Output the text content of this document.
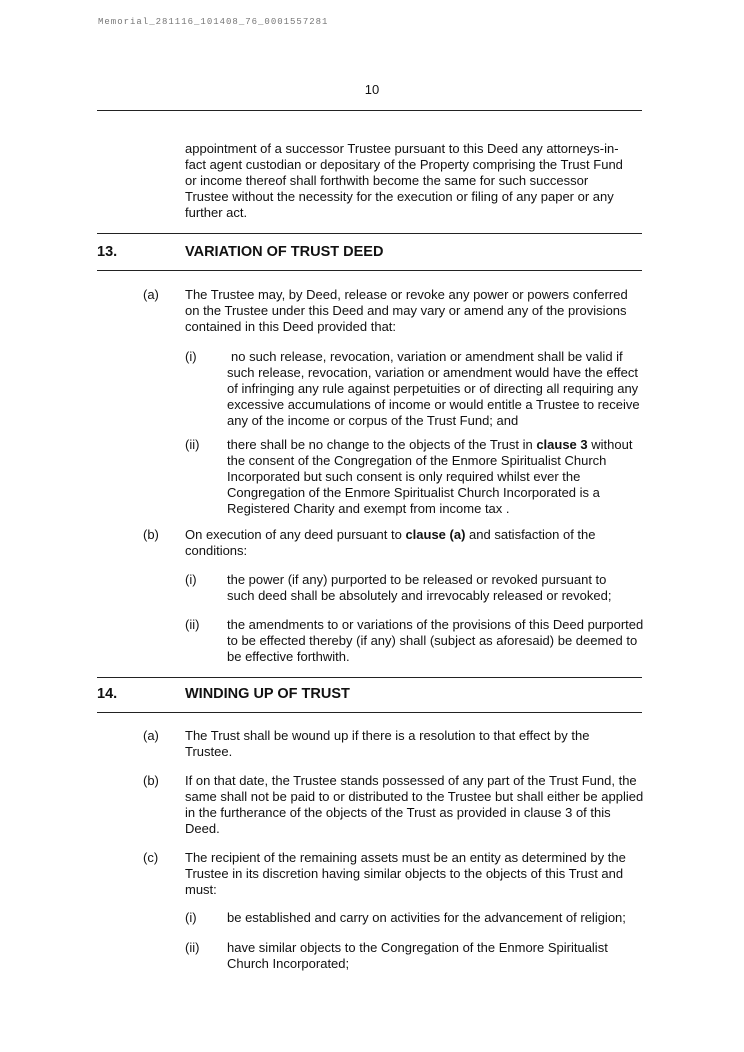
Memorial_281116_101408_76_0001557281
10

appointment of a successor Trustee pursuant to this Deed any attorneys-in-fact agent custodian or depositary of the Property comprising the Trust Fund or income thereof shall forthwith become the same for such successor Trustee without the necessity for the execution or filing of any paper or any further act.

13.	VARIATION OF TRUST DEED
(a) The Trustee may, by Deed, release or revoke any power or powers conferred on the Trustee under this Deed and may vary or amend any of the provisions contained in this Deed provided that:

(i)	no such release, revocation, variation or amendment shall be valid if such release, revocation, variation or amendment would have the effect of infringing any rule against perpetuities or of directing all requiring any excessive accumulations of income or would entitle a Trustee to receive any of the income or corpus of the Trust Fund; and

(ii) there shall be no change to the objects of the Trust in clause 3 without the consent of the Congregation of the Enmore Spiritualist Church Incorporated but such consent is only required whilst ever the Congregation of the Enmore Spiritualist Church Incorporated is a Registered Charity and exempt from income tax .

(b) On execution of any deed pursuant to clause (a) and satisfaction of the conditions:

(i) the power (if any) purported to be released or revoked pursuant to such deed shall be absolutely and irrevocably released or revoked;

(ii) the amendments to or variations of the provisions of this Deed purported to be effected thereby (if any) shall (subject as aforesaid) be deemed to be effective forthwith.

14.	WINDING UP OF TRUST
(a) The Trust shall be wound up if there is a resolution to that effect by the Trustee.

(b) If on that date, the Trustee stands possessed of any part of the Trust Fund, the same shall not be paid to or distributed to the Trustee but shall either be applied in the furtherance of the objects of the Trust as provided in clause 3 of this Deed.

(c) The recipient of the remaining assets must be an entity as determined by the Trustee in its discretion having similar objects to the objects of this Trust and must:

(i) be established and carry on activities for the advancement of religion;

(ii) have similar objects to the Congregation of the Enmore Spiritualist Church Incorporated;
